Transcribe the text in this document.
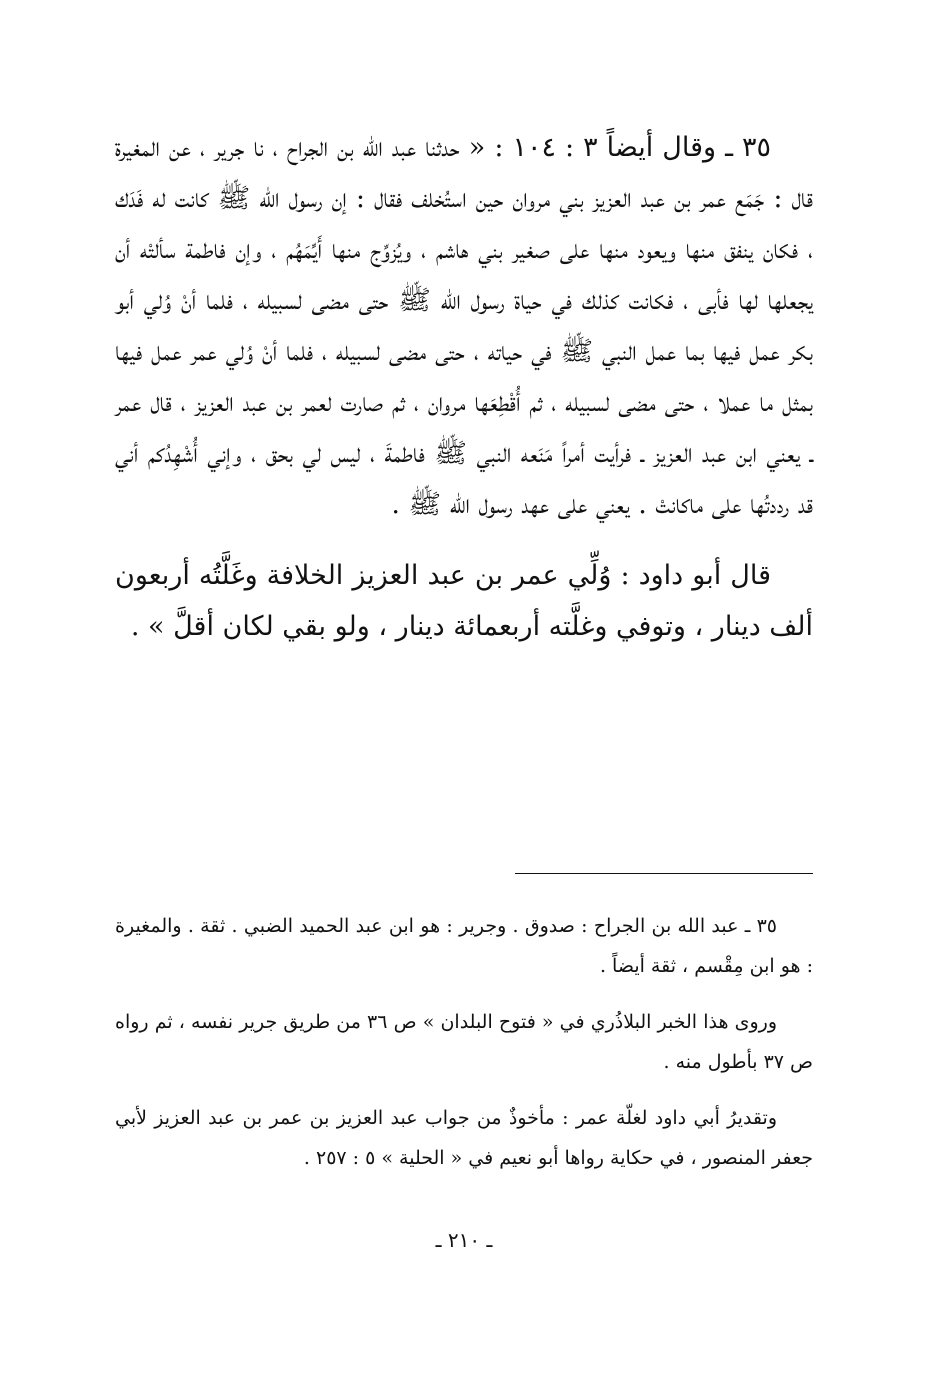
٣٥ ـ وقال أيضاً ٣ : ١٠٤ : « حدثنا عبد الله بن الجراح ، نا جرير ، عن المغيرة قال : جَمَع عمر بن عبد العزيز بني مروان حين استُخلف فقال : إن رسول الله ﷺ كانت له فَدَك ، فكان ينفق منها ويعود منها على صغير بني هاشم ، ويُزوِّج منها أَيِّمَهُم ، وإن فاطمة سألتْه أن يجعلها لها فأبى ، فكانت كذلك في حياة رسول الله ﷺ حتى مضى لسبيله ، فلما أنْ وُلي أبو بكر عمل فيها بما عمل النبي ﷺ في حياته ، حتى مضى لسبيله ، فلما أنْ وُلي عمر عمل فيها بمثل ما عملا ، حتى مضى لسبيله ، ثم أُقْطِعَها مروان ، ثم صارت لعمر بن عبد العزيز ، قال عمر ـ يعني ابن عبد العزيز ـ فرأيت أمراً مَنَعه النبي ﷺ فاطمةَ ، ليس لي بحق ، وإني أُشْهِدُكم أني قد رددتُها على ماكانتْ . يعني على عهد رسول الله ﷺ .

قال أبو داود : وُلِّي عمر بن عبد العزيز الخلافة وغَلَّتُه أربعون ألف دينار ، وتوفي وغلَّته أربعمائة دينار ، ولو بقي لكان أقلَّ » .

٣٥ ـ عبد الله بن الجراح : صدوق . وجرير : هو ابن عبد الحميد الضبي . ثقة . والمغيرة : هو ابن مِقْسم ، ثقة أيضاً .

وروى هذا الخبر البلاذُري في « فتوح البلدان » ص ٣٦ من طريق جرير نفسه ، ثم رواه ص ٣٧ بأطول منه .

وتقديرُ أبي داود لغلّة عمر : مأخوذٌ من جواب عبد العزيز بن عمر بن عبد العزيز لأبي جعفر المنصور ، في حكاية رواها أبو نعيم في « الحلية » ٥ : ٢٥٧ .

ـ ٢١٠ ـ
